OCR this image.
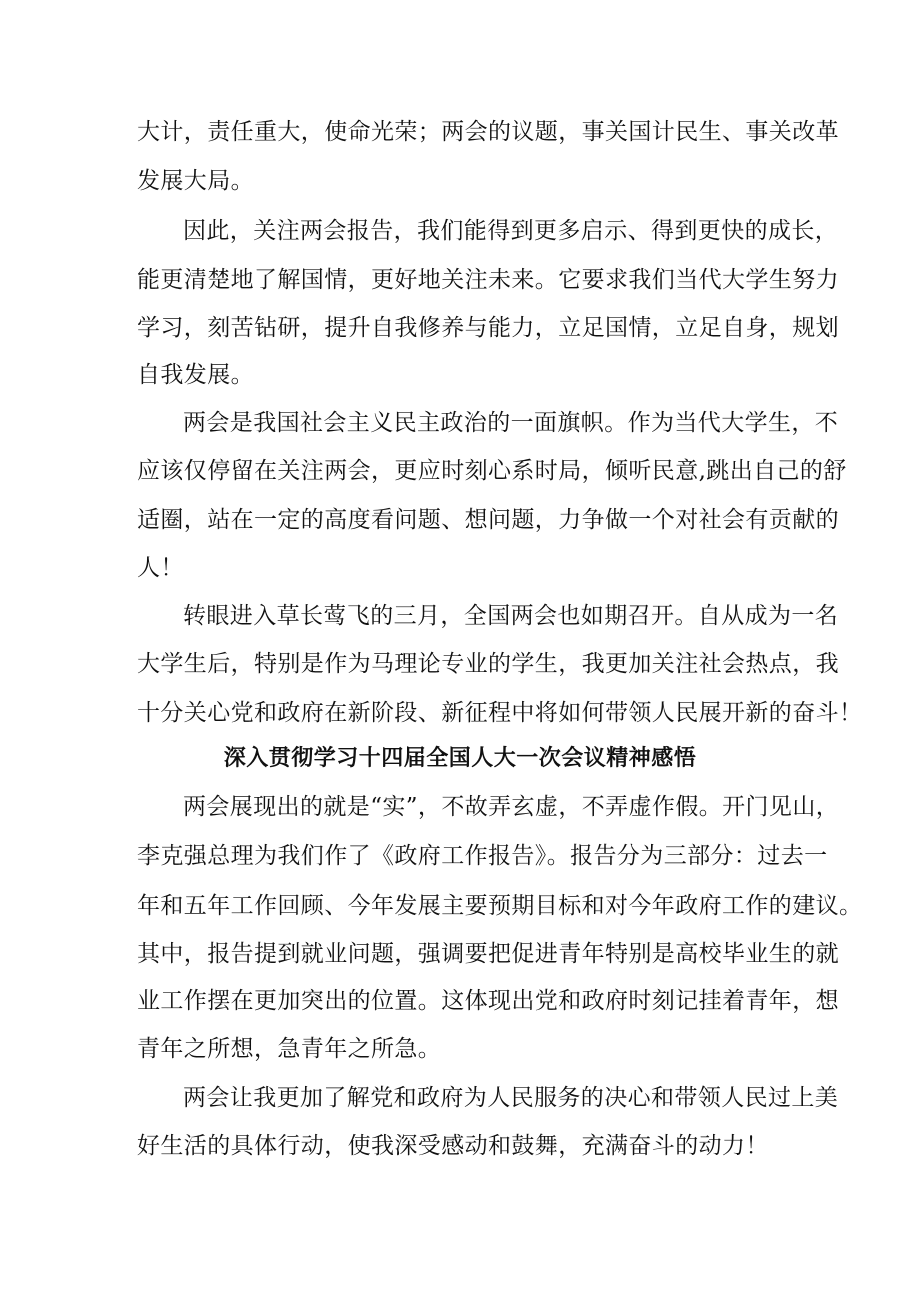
大计，责任重大，使命光荣；两会的议题，事关国计民生、事关改革
发展大局。
因此，关注两会报告，我们能得到更多启示、得到更快的成长，
能更清楚地了解国情，更好地关注未来。它要求我们当代大学生努力
学习，刻苦钻研，提升自我修养与能力，立足国情，立足自身，规划
自我发展。
两会是我国社会主义民主政治的一面旗帜。作为当代大学生，不
应该仅停留在关注两会，更应时刻心系时局，倾听民意,跳出自己的舒
适圈，站在一定的高度看问题、想问题，力争做一个对社会有贡献的
人！
转眼进入草长莺飞的三月，全国两会也如期召开。自从成为一名
大学生后，特别是作为马理论专业的学生，我更加关注社会热点，我
十分关心党和政府在新阶段、新征程中将如何带领人民展开新的奋斗！
深入贯彻学习十四届全国人大一次会议精神感悟
两会展现出的就是“实”，不故弄玄虚，不弄虚作假。开门见山，
李克强总理为我们作了《政府工作报告》。报告分为三部分：过去一
年和五年工作回顾、今年发展主要预期目标和对今年政府工作的建议。
其中，报告提到就业问题，强调要把促进青年特别是高校毕业生的就
业工作摆在更加突出的位置。这体现出党和政府时刻记挂着青年，想
青年之所想，急青年之所急。
两会让我更加了解党和政府为人民服务的决心和带领人民过上美
好生活的具体行动，使我深受感动和鼓舞，充满奋斗的动力！
